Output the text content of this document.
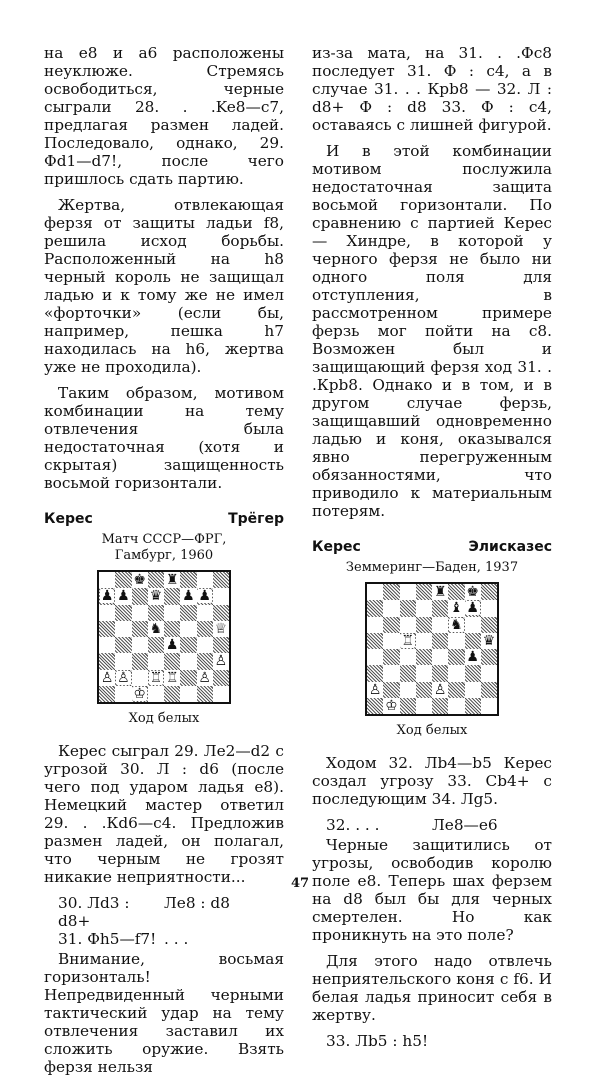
на e8 и a6 расположены неуклюже. Стремясь освободиться, черные сыграли 28. . .Ke8—c7, предлагая размен ладей. Последовало, однако, 29. Фd1—d7!, после чего пришлось сдать партию.

Жертва, отвлекающая ферзя от защиты ладьи f8, решила исход борьбы. Расположенный на h8 черный король не защищал ладью и к тому же не имел «форточки» (если бы, например, пешка h7 находилась на h6, жертва уже не проходила).

Таким образом, мотивом комбинации на тему отвлечения была недостаточная (хотя и скрытая) защищенность восьмой горизонтали.

Керес	Трёгер
Матч СССР—ФРГ,
Гамбург, 1960
♚ ♜
♟ ♟ ♛ ♟ ♟
♞	♕
♟
♙
♙ ♙ ♖ ♖ ♙
♔
Ход белых

Керес сыграл 29. Лe2—d2 с угрозой 30. Л : d6 (после чего под ударом ладья e8). Немецкий мастер ответил 29. . .Кd6—c4. Предложив размен ладей, он полагал, что черным не грозят никакие неприятности...

30. Лd3 : d8+
Лe8 : d8
31. Фh5—f7! . . .

Внимание, восьмая горизонталь! Непредвиденный черными тактический удар на тему отвлечения заставил их сложить оружие. Взять ферзя нельзя

из-за мата, на 31. . .Фc8 последует 31. Ф : c4, а в случае 31. . . Крb8 — 32. Л : d8+ Ф : d8 33. Ф : c4, оставаясь с лишней фигурой.

И в этой комбинации мотивом послужила недостаточная защита восьмой горизонтали. По сравнению с партией Керес — Хиндре, в которой у черного ферзя не было ни одного поля для отступления, в рассмотренном примере ферзь мог пойти на c8. Возможен был и защищающий ферзя ход 31. . .Крb8. Однако и в том, и в другом случае ферзь, защищавший одновременно ладью и коня, оказывался явно перегруженным обязанностями, что приводило к материальным потерям.

Керес	Элисказес
Земмеринг—Баден, 1937
♜ ♚
♝ ♟
♞
♖	♛
♟
♙	♙
♔
Ход белых

Ходом 32. Лb4—b5 Керес создал угрозу 33. Сb4+ с последующим 34. Лg5.

32. . . .	Лe8—e6

Черные защитились от угрозы, освободив королю поле e8. Теперь шах ферзем на d8 был бы для черных смертелен. Но как проникнуть на это поле?

Для этого надо отвлечь неприятельского коня с f6. И белая ладья приносит себя в жертву.

33. Лb5 : h5!
47
